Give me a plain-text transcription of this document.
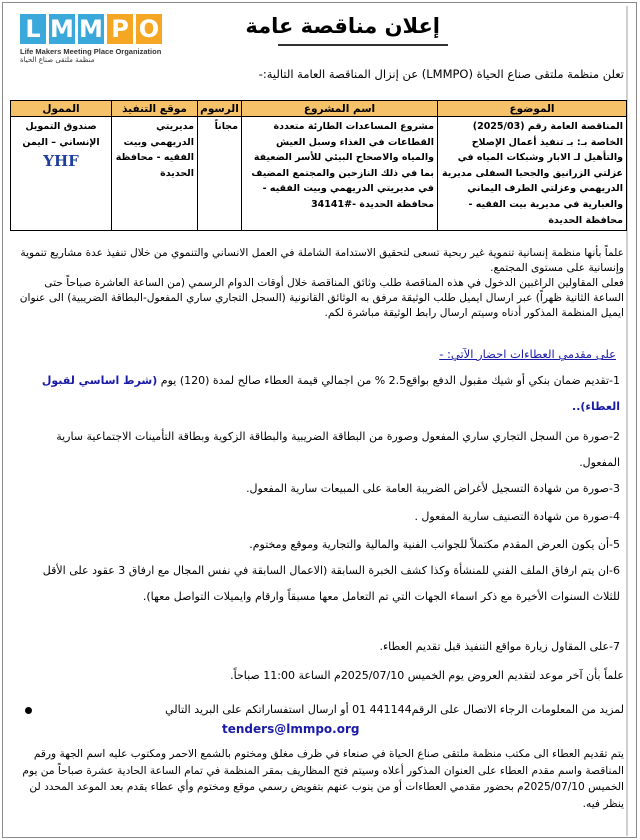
L M M P O
Life Makers Meeting Place Organization
منظمة ملتقى صناع الحياة
إعلان مناقصة عامة
تعلن منظمة ملتقى صناع الحياة (LMMPO) عن إنزال المناقصة العامة التالية:-
الموضوع	اسم المشروع	الرسوم	موقع التنفيذ	الممول
المناقصة العامة رقم (2025/03) الخاصة بـ: بـ تنفيذ أعمال الإصلاح والتأهيل لـ الابار وشبكات المياه في عزلتي الزرانيق والجحبا السفلى مديرية الدريهمي وعزلتي الطرف اليماني والعبارية في مديرية بيت الفقيه - محافظة الحديدة	مشروع المساعدات الطارئة متعددة القطاعات في الغذاء وسبل العيش والمياه والاصحاح البيئي للأسر الضعيفة بما في ذلك النازحين والمجتمع المضيف في مديريتي الدريهمي وبيت الفقيه - محافظة الحديدة -#34141	مجاناً	مديريتي الدريهمي وبيت الفقيه - محافظة الحديدة	صندوق التمويل الإنساني – اليمن
YHF
علماً بأنها منظمة إنسانية تنموية غير ربحية تسعى لتحقيق الاستدامة الشاملة في العمل الانساني والتنموي من خلال تنفيذ عدة مشاريع تنموية وإنسانية على مستوى المجتمع.
فعلى المقاولين الراغبين الدخول في هذه المناقصة طلب وثائق المناقصة خلال أوقات الدوام الرسمي (من الساعة العاشرة صباحاً حتى الساعة الثانية ظهراً) عبر ارسال ايميل طلب الوثيقة مرفق به الوثائق القانونية (السجل التجاري ساري المفعول-البطاقة الضريبية) الى عنوان ايميل المنظمة المذكور أدناه وسيتم ارسال رابط الوثيقة مباشرة لكم.
على مقدمي العطاءات احضار الآتي: -
1-تقديم ضمان بنكي أو شيك مقبول الدفع بواقع2.5 % من اجمالي قيمة العطاء صالح لمدة (120) يوم (شرط اساسي لقبول العطاء)..
2-صورة من السجل التجاري ساري المفعول وصورة من البطاقة الضريبية والبطاقة الزكوية وبطاقة التأمينات الاجتماعية سارية المفعول.
3-صورة من شهادة التسجيل لأغراض الضريبة العامة على المبيعات سارية المفعول.
4-صورة من شهادة التصنيف سارية المفعول .
5-أن يكون العرض المقدم مكتملاً للجوانب الفنية والمالية والتجارية وموقع ومختوم.
6-ان يتم ارفاق الملف الفني للمنشأة وكذا كشف الخبرة السابقة (الاعمال السابقة في نفس المجال مع ارفاق 3 عقود على الأقل للثلاث السنوات الأخيرة مع ذكر اسماء الجهات التي تم التعامل معها مسبقاً وارقام وايميلات التواصل معها).
7-على المقاول زيارة مواقع التنفيذ قبل تقديم العطاء.
علماً بأن آخر موعد لتقديم العروض يوم الخميس 2025/07/10م الساعة 11:00 صباحاً.
لمزيد من المعلومات الرجاء الاتصال على الرقم441144 01 أو ارسال استفساراتكم على البريد التالي
tenders@lmmpo.org
يتم تقديم العطاء الى مكتب منظمة ملتقى صناع الحياة في صنعاء في ظرف مغلق ومختوم بالشمع الاحمر ومكتوب عليه اسم الجهة ورقم المناقصة واسم مقدم العطاء على العنوان المذكور أعلاه وسيتم فتح المظاريف بمقر المنظمة في تمام الساعة الحادية عشرة صباحاً من يوم الخميس 2025/07/10م بحضور مقدمي العطاءات أو من ينوب عنهم بتفويض رسمي موقع ومختوم وأي عطاء يقدم بعد الموعد المحدد لن ينظر فيه.
